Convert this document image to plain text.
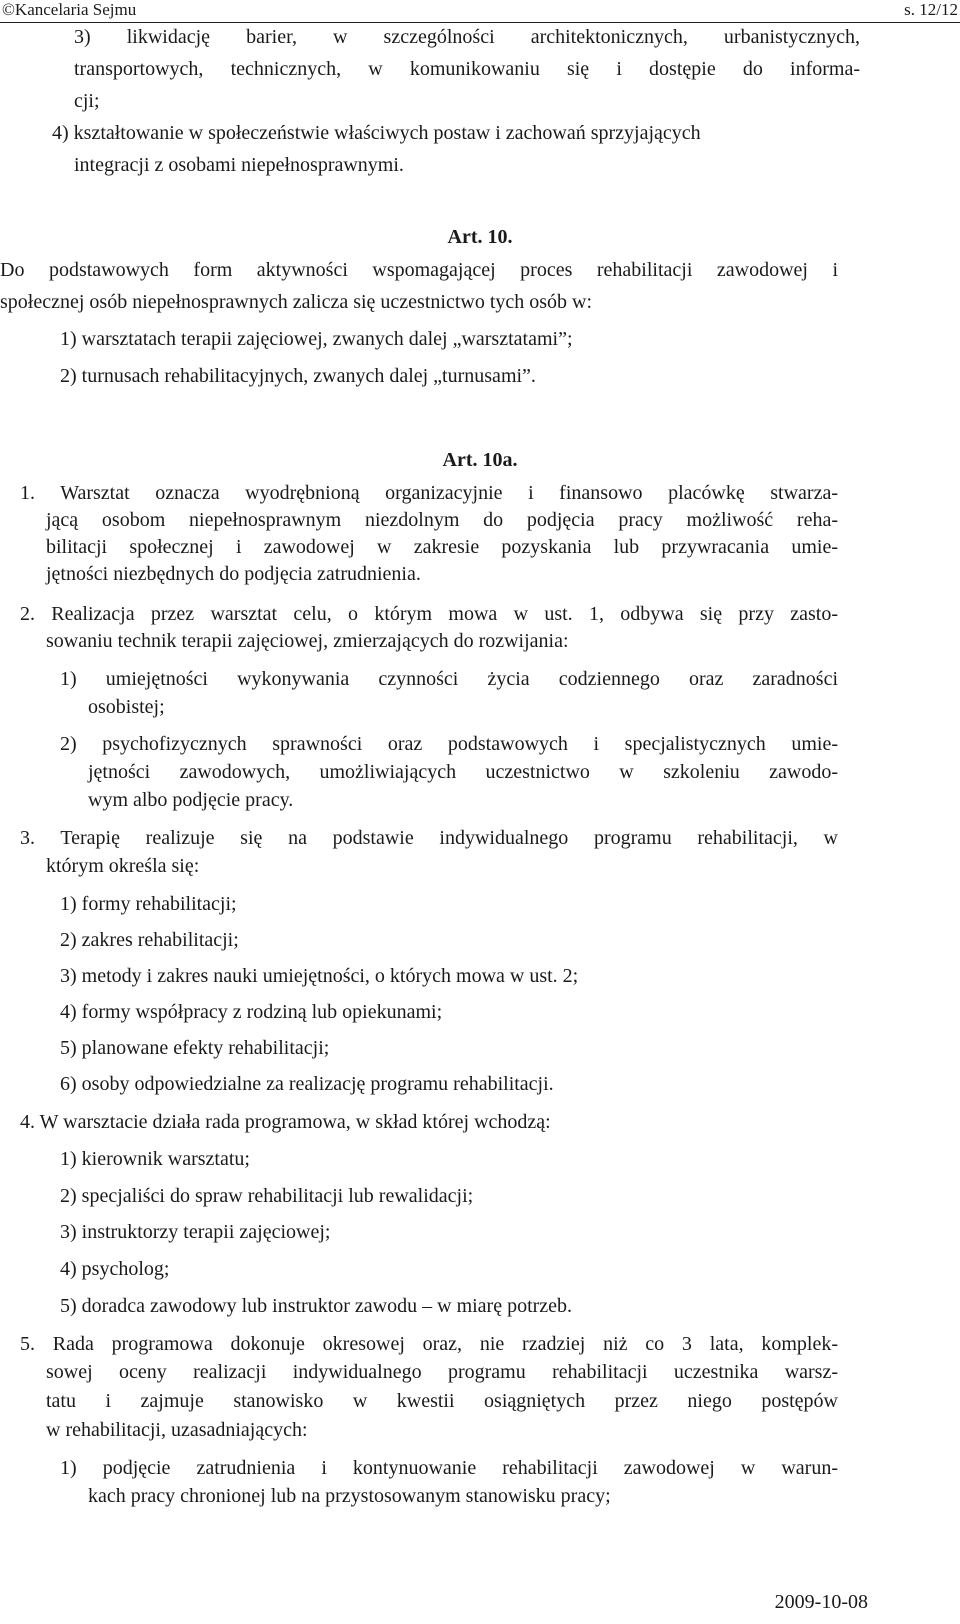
©Kancelaria Sejmu	s. 12/12
3) likwidację barier, w szczególności architektonicznych, urbanistycznych,
transportowych, technicznych, w komunikowaniu się i dostępie do informa-
cji;
4) kształtowanie w społeczeństwie właściwych postaw i zachowań sprzyjających
integracji z osobami niepełnosprawnymi.
Do podstawowych form aktywności wspomagającej proces rehabilitacji zawodowej i
społecznej osób niepełnosprawnych zalicza się uczestnictwo tych osób w:
1) warsztatach terapii zajęciowej, zwanych dalej „warsztatami”;
2) turnusach rehabilitacyjnych, zwanych dalej „turnusami”.
1. Warsztat oznacza wyodrębnioną organizacyjnie i finansowo placówkę stwarza-
jącą osobom niepełnosprawnym niezdolnym do podjęcia pracy możliwość reha-
bilitacji społecznej i zawodowej w zakresie pozyskania lub przywracania umie-
jętności niezbędnych do podjęcia zatrudnienia.
2. Realizacja przez warsztat celu, o którym mowa w ust. 1, odbywa się przy zasto-
sowaniu technik terapii zajęciowej, zmierzających do rozwijania:
1) umiejętności wykonywania czynności życia codziennego oraz zaradności
osobistej;
2) psychofizycznych sprawności oraz podstawowych i specjalistycznych umie-
jętności zawodowych, umożliwiających uczestnictwo w szkoleniu zawodo-
wym albo podjęcie pracy.
3. Terapię realizuje się na podstawie indywidualnego programu rehabilitacji, w
którym określa się:
1) formy rehabilitacji;
2) zakres rehabilitacji;
3) metody i zakres nauki umiejętności, o których mowa w ust. 2;
4) formy współpracy z rodziną lub opiekunami;
5) planowane efekty rehabilitacji;
6) osoby odpowiedzialne za realizację programu rehabilitacji.
4. W warsztacie działa rada programowa, w skład której wchodzą:
1) kierownik warsztatu;
2) specjaliści do spraw rehabilitacji lub rewalidacji;
3) instruktorzy terapii zajęciowej;
4) psycholog;
5) doradca zawodowy lub instruktor zawodu – w miarę potrzeb.
5. Rada programowa dokonuje okresowej oraz, nie rzadziej niż co 3 lata, komplek-
sowej oceny realizacji indywidualnego programu rehabilitacji uczestnika warsz-
tatu i zajmuje stanowisko w kwestii osiągniętych przez niego postępów
w rehabilitacji, uzasadniających:
1) podjęcie zatrudnienia i kontynuowanie rehabilitacji zawodowej w warun-
kach pracy chronionej lub na przystosowanym stanowisku pracy;
Art. 10.
Art. 10a.
2009-10-08
